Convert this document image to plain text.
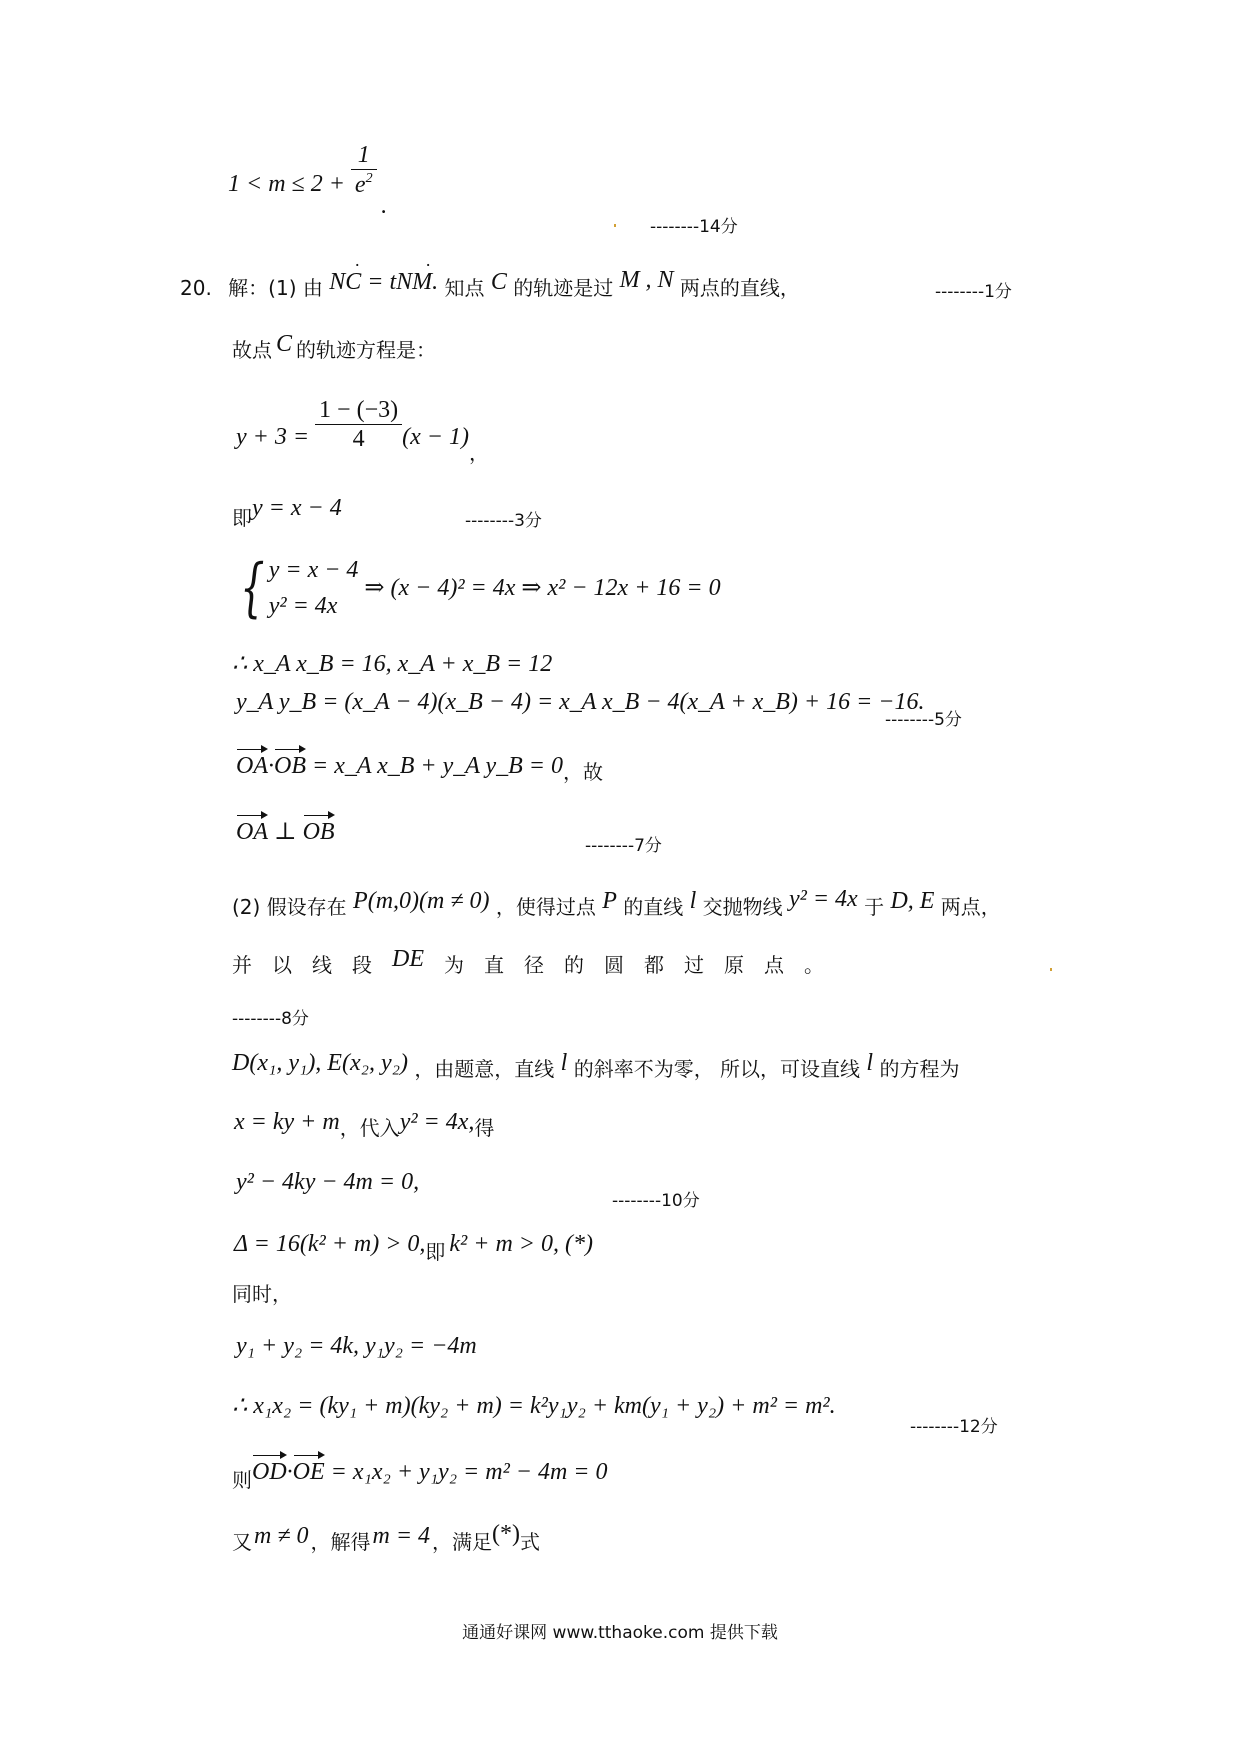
$1 < m \le 2 + \frac{1}{e^2}$
.
--------14分
20. 解：(1) 由 NC · = tNM ·. 知点 C 的轨迹是过 M , N 两点的直线，	--------1分
故点 C 的轨迹方程是：
$y + 3 = \frac{1 - (-3)}{4} (x - 1)_,$
即y = x − 4	--------3分
{ y = x − 4
y² = 4x
⇒ (x − 4)² = 4x ⇒ x² − 12x + 16 = 0
∴ x_A x_B = 16, x_A + x_B = 12
y_A y_B = (x_A − 4)(x_B − 4) = x_A x_B − 4(x_A + x_B) + 16 = −16.
--------5分
OA·OB = x_A x_B + y_A y_B = 0，故
OA ⊥ OB
--------7分
(2) 假设存在 P(m,0)(m ≠ 0) ，使得过点 P 的直线 l 交抛物线 y² = 4x 于 D, E 两点，
并以线段DE 为直径的圆都过原点。
--------8分
D(x₁, y₁), E(x₂, y₂) ，由题意，直线 l 的斜率不为零， 所以，可设直线 l 的方程为
x = ky + m，代入y² = 4x,得
y² − 4ky − 4m = 0,
--------10分
Δ = 16(k² + m) > 0,即 k² + m > 0, (*)
同时，
y₁ + y₂ = 4k, y₁y₂ = −4m
∴ x₁x₂ = (ky₁ + m)(ky₂ + m) = k²y₁y₂ + km(y₁ + y₂) + m² = m².
--------12分
则OD·OE = x₁x₂ + y₁y₂ = m² − 4m = 0
又m ≠ 0 ，解得m = 4 ，满足(*)式
通通好课网 www.tthaoke.com 提供下载
